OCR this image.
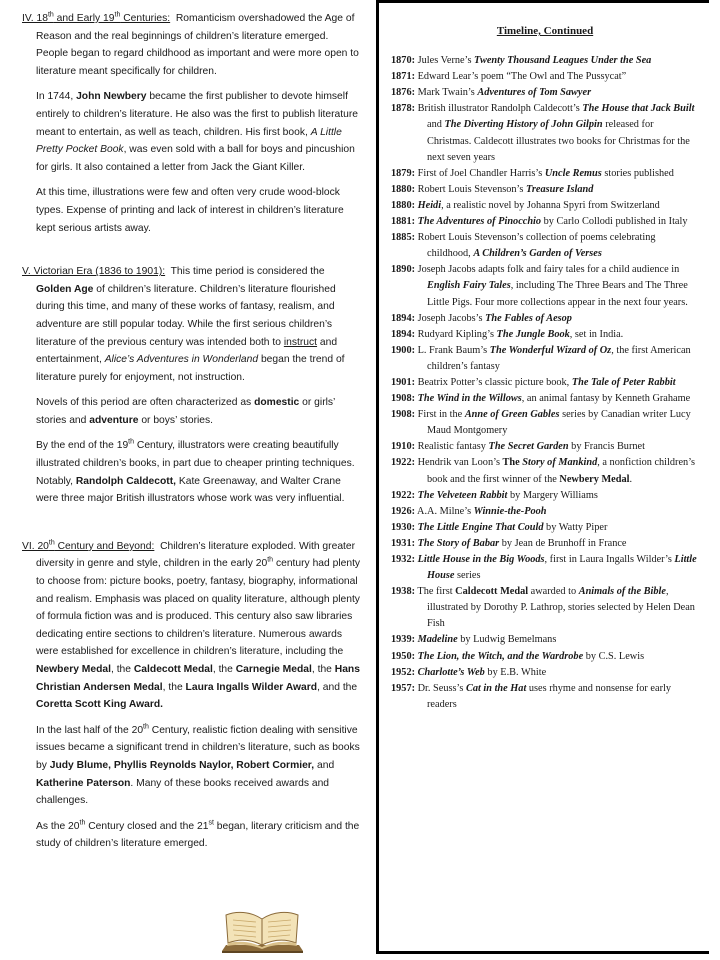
IV. 18th and Early 19th Centuries:  Romanticism overshadowed the Age of Reason and the real beginnings of children’s literature emerged. People began to regard childhood as important and were more open to literature meant specifically for children.

In 1744, John Newbery became the first publisher to devote himself entirely to children’s literature. He also was the first to publish literature meant to entertain, as well as teach, children. His first book, A Little Pretty Pocket Book, was even sold with a ball for boys and pincushion for girls. It also contained a letter from Jack the Giant Killer.

At this time, illustrations were few and often very crude wood-block types. Expense of printing and lack of interest in children’s literature kept serious artists away.

V. Victorian Era (1836 to 1901):  This time period is considered the Golden Age of children’s literature. Children’s literature flourished during this time, and many of these works of fantasy, realism, and adventure are still popular today. While the first serious children’s literature of the previous century was intended both to instruct and entertainment, Alice’s Adventures in Wonderland began the trend of literature purely for enjoyment, not instruction.

Novels of this period are often characterized as domestic or girls’ stories and adventure or boys’ stories.

By the end of the 19th Century, illustrators were creating beautifully illustrated children’s books, in part due to cheaper printing techniques. Notably, Randolph Caldecott, Kate Greenaway, and Walter Crane were three major British illustrators whose work was very influential.

VI. 20th Century and Beyond:  Children’s literature exploded. With greater diversity in genre and style, children in the early 20th century had plenty to choose from: picture books, poetry, fantasy, biography, informational and realism. Emphasis was placed on quality literature, although plenty of formula fiction was and is produced. This century also saw libraries dedicating entire sections to children’s literature. Numerous awards were established for excellence in children’s literature, including the Newbery Medal, the Caldecott Medal, the Carnegie Medal, the Hans Christian Andersen Medal, the Laura Ingalls Wilder Award, and the Coretta Scott King Award.

In the last half of the 20th Century, realistic fiction dealing with sensitive issues became a significant trend in children’s literature, such as books by Judy Blume, Phyllis Reynolds Naylor, Robert Cormier, and Katherine Paterson. Many of these books received awards and challenges.

As the 20th Century closed and the 21st began, literary criticism and the study of children’s literature emerged.

Timeline, Continued

1870: Jules Verne’s Twenty Thousand Leagues Under the Sea

1871: Edward Lear’s poem “The Owl and The Pussycat”

1876: Mark Twain’s Adventures of Tom Sawyer

1878: British illustrator Randolph Caldecott’s The House that Jack Built and The Diverting History of John Gilpin released for Christmas. Caldecott illustrates two books for Christmas for the next seven years

1879: First of Joel Chandler Harris’s Uncle Remus stories published

1880: Robert Louis Stevenson’s Treasure Island

1880: Heidi, a realistic novel by Johanna Spyri from Switzerland

1881: The Adventures of Pinocchio by Carlo Collodi published in Italy

1885: Robert Louis Stevenson’s collection of poems celebrating childhood, A Children’s Garden of Verses

1890: Joseph Jacobs adapts folk and fairy tales for a child audience in English Fairy Tales, including The Three Bears and The Three Little Pigs. Four more collections appear in the next four years.

1894: Joseph Jacobs’s The Fables of Aesop

1894: Rudyard Kipling’s The Jungle Book, set in India.

1900: L. Frank Baum’s The Wonderful Wizard of Oz, the first American children’s fantasy

1901: Beatrix Potter’s classic picture book, The Tale of Peter Rabbit

1908: The Wind in the Willows, an animal fantasy by Kenneth Grahame

1908: First in the Anne of Green Gables series by Canadian writer Lucy Maud Montgomery

1910: Realistic fantasy The Secret Garden by Francis Burnet

1922: Hendrik van Loon’s The Story of Mankind, a nonfiction children’s book and the first winner of the Newbery Medal.

1922: The Velveteen Rabbit by Margery Williams

1926: A.A. Milne’s Winnie-the-Pooh

1930: The Little Engine That Could by Watty Piper

1931: The Story of Babar by Jean de Brunhoff in France

1932: Little House in the Big Woods, first in Laura Ingalls Wilder’s Little House series

1938: The first Caldecott Medal awarded to Animals of the Bible, illustrated by Dorothy P. Lathrop, stories selected by Helen Dean Fish

1939: Madeline by Ludwig Bemelmans

1950: The Lion, the Witch, and the Wardrobe by C.S. Lewis

1952: Charlotte’s Web by E.B. White

1957: Dr. Seuss’s Cat in the Hat uses rhyme and nonsense for early readers
